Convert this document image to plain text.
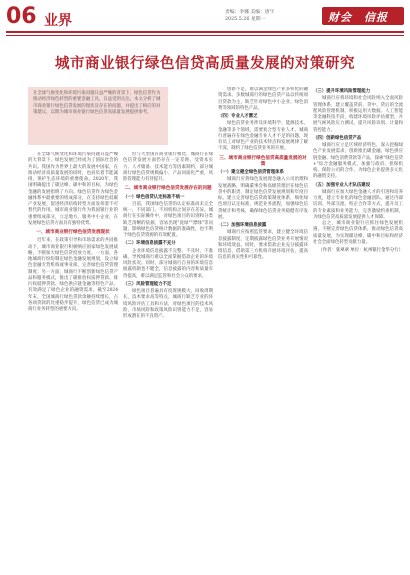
06 业界
责编：李娜 美编：唐宇
2025.5.26 星期一	财会 信报
城市商业银行绿色信贷高质量发展的对策研究
在全球气候变化和环境污染问题日益严峻的背景下，绿色信贷作为推动经济绿色转型的重要金融工具，日益受到关注。本文分析了城市商业银行绿色信贷发展的现状及存在的问题，并提出了相应的对策建议，以期为城市商业银行绿色信贷高质量发展提供参考。

在全球气候变化和环境污染问题日益严峻的大背景下，绿色发展已经成为了国际社会的共识。我国作为世界上最大的发展中国家，在推动经济高质量发展的同时，也肩负着节能减排、保护生态环境的重要使命。2020年，我国明确提出了碳达峰、碳中和的目标，为绿色金融的发展指明了方向。绿色信贷作为绿色金融体系中最重要的组成部分，在支持绿色低碳产业发展、促进经济结构转型方面发挥着不可替代的作用。城市商业银行作为我国银行业的重要组成部分，立足地方、服务中小企业，在发展绿色信贷方面具有独特优势。

一、城市商业银行绿色信贷发展现状

近年来，在政策引导和市场需求的共同推动下，城市商业银行积极响应国家绿色发展战略，不断加大绿色信贷投放力度。一方面，各地城商行纷纷制定绿色金融发展规划，设立绿色金融专营机构或事业部，完善绿色信贷管理制度；另一方面，城商行不断创新绿色信贷产品和服务模式，推出了碳排放权质押贷款、排污权抵押贷款、绿色供应链金融等特色产品，有效满足了绿色企业的融资需求。截至2024年末，全国城商行绿色贷款余额持续增长，占各项贷款的比重稳步提升，绿色信贷已成为城商行业务转型的重要方向。

但与大型国有商业银行相比，城商行在绿色信贷发展方面仍存在一定差距。受资本实力、人才储备、技术能力等因素制约，部分城商行绿色信贷规模偏小、产品同质化严重，风险管理能力有待提升。

二、城市商业银行绿色信贷发展存在的问题
（一）绿色信贷认定标准不统一

目前，我国绿色信贷的认定标准尚未完全统一，不同部门、不同机构之间存在差异。城商行在实际操作中，对绿色项目的识别和分类缺乏清晰的依据，容易出现"洗绿""漂绿"等问题，影响绿色信贷统计数据的准确性，也不利于绿色信贷资源的有效配置。

（二）环境信息披露不充分

企业环境信息披露不完整、不及时、不准确，导致城商行难以全面掌握借款企业的环境风险状况。同时，部分城商行自身的环境信息披露机制也不健全，信息披露的内容和质量有待提高，难以满足监管和社会公众的要求。

（三）风险管理能力不足

绿色项目普遍具有投资规模大、回收周期长、技术要求高等特点，城商行缺乏专业的环境风险评估工具和方法，对绿色项目的技术风险、市场风险和政策风险识别能力不足，容易形成潜在的不良资产。

创新不足，难以满足绿色产业多样化的融资需求。多数城商行的绿色信贷产品以传统项目贷款为主，缺乏针对绿色中小企业、绿色消费等领域的特色产品。

（四）专业人才匮乏

绿色信贷业务涉及环境科学、能源技术、金融等多个领域，需要复合型专业人才。城商行普遍存在绿色金融专业人才不足的问题，现有员工对绿色产业的技术特点和发展规律了解不深，制约了绿色信贷业务的开展。

三、城市商业银行绿色信贷高质量发展的对策
（一）建立健全绿色信贷管理体系

城商行应将绿色发展理念融入公司治理和发展战略，明确董事会和高级管理层在绿色信贷中的职责，制定绿色信贷发展规划和年度目标。建立完善绿色信贷政策制度体系，细化绿色项目认定标准，规范业务流程，加强绿色信贷统计和考核，确保绿色信贷业务稳健有序发展。

（二）加强环境信息披露

城商行应按照监管要求，建立健全环境信息披露制度，定期披露绿色信贷业务开展情况和环境效益。同时，要求借款企业充分披露环境信息，借助第三方机构开展环境评估，提高信息的真实性和可靠性。

（三）提升环境风险管理能力

城商行应将环境和社会风险纳入全面风险管理体系，建立覆盖贷前、贷中、贷后的全流程风险管理机制。积极运用大数据、人工智能等金融科技手段，构建环境风险评估模型，开展气候风险压力测试，提升风险识别、计量和管控能力。

（四）创新绿色信贷产品

城商行应立足区域经济特色，深入挖掘绿色产业发展需求，创新推出碳金融、绿色供应链金融、绿色消费贷款等产品，探索"绿色信贷+"综合金融服务模式，加强与政府、担保机构、保险公司的合作，为绿色企业提供多元化的融资支持。

（五）加强专业人才队伍建设

城商行应加大绿色金融人才的引进和培养力度，建立专业化的绿色金融团队。通过内部培训、外部交流、校企合作等方式，提升员工的专业素质和业务能力，完善激励约束机制，为绿色信贷高质量发展提供人才保障。

总之，城市商业银行应抓住绿色发展机遇，不断完善绿色信贷体系，推动绿色信贷高质量发展，为实现碳达峰、碳中和目标和经济社会全面绿色转型贡献力量。

（作者：张翠翠 单位：杭州银行金华分行）
